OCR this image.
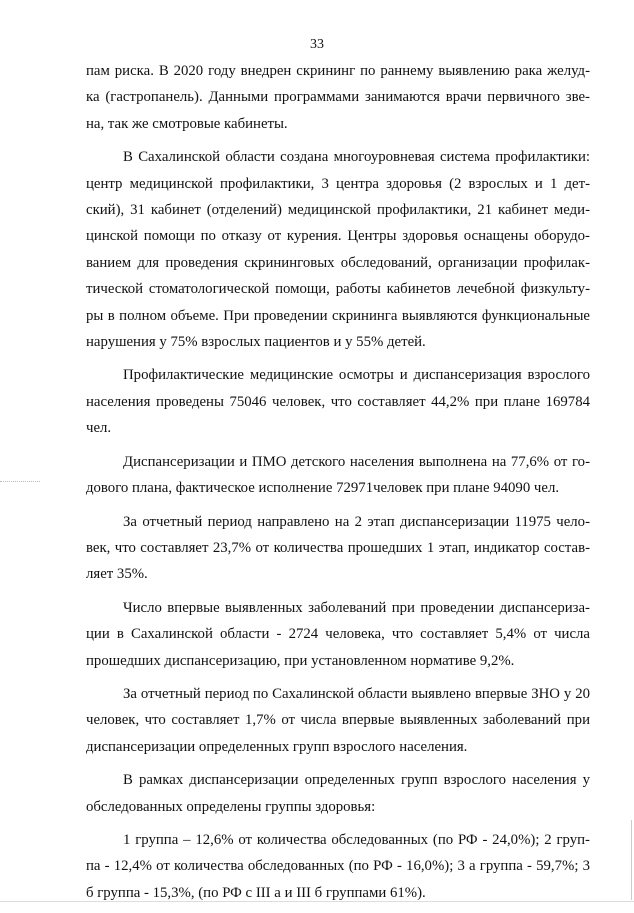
33

пам риска. В 2020 году внедрен скрининг по раннему выявлению рака желуд-ка (гастропанель). Данными программами занимаются врачи первичного зве-на, так же смотровые кабинеты.

В Сахалинской области создана многоуровневая система профилактики: центр медицинской профилактики, 3 центра здоровья (2 взрослых и 1 дет-ский), 31 кабинет (отделений) медицинской профилактики, 21 кабинет меди-цинской помощи по отказу от курения. Центры здоровья оснащены оборудо-ванием для проведения скрининговых обследований, организации профилак-тической стоматологической помощи, работы кабинетов лечебной физкульту-ры в полном объеме. При проведении скрининга выявляются функциональные нарушения у 75% взрослых пациентов и у 55% детей.

Профилактические медицинские осмотры и диспансеризация взрослого населения проведены 75046 человек, что составляет 44,2% при плане 169784 чел.

Диспансеризации и ПМО детского населения выполнена на 77,6% от го-дового плана, фактическое исполнение 72971человек при плане 94090 чел.

За отчетный период направлено на 2 этап диспансеризации 11975 чело-век, что составляет 23,7% от количества прошедших 1 этап, индикатор состав-ляет 35%.

Число впервые выявленных заболеваний при проведении диспансериза-ции в Сахалинской области - 2724 человека, что составляет 5,4% от числа прошедших диспансеризацию, при установленном нормативе 9,2%.

За отчетный период по Сахалинской области выявлено впервые ЗНО у 20 человек, что составляет 1,7% от числа впервые выявленных заболеваний при диспансеризации определенных групп взрослого населения.

В рамках диспансеризации определенных групп взрослого населения у обследованных определены группы здоровья:

1 группа – 12,6% от количества обследованных (по РФ - 24,0%); 2 груп-па - 12,4% от количества обследованных (по РФ - 16,0%); 3 а группа - 59,7%; 3 б группа - 15,3%, (по РФ с III а и III б группами 61%).
